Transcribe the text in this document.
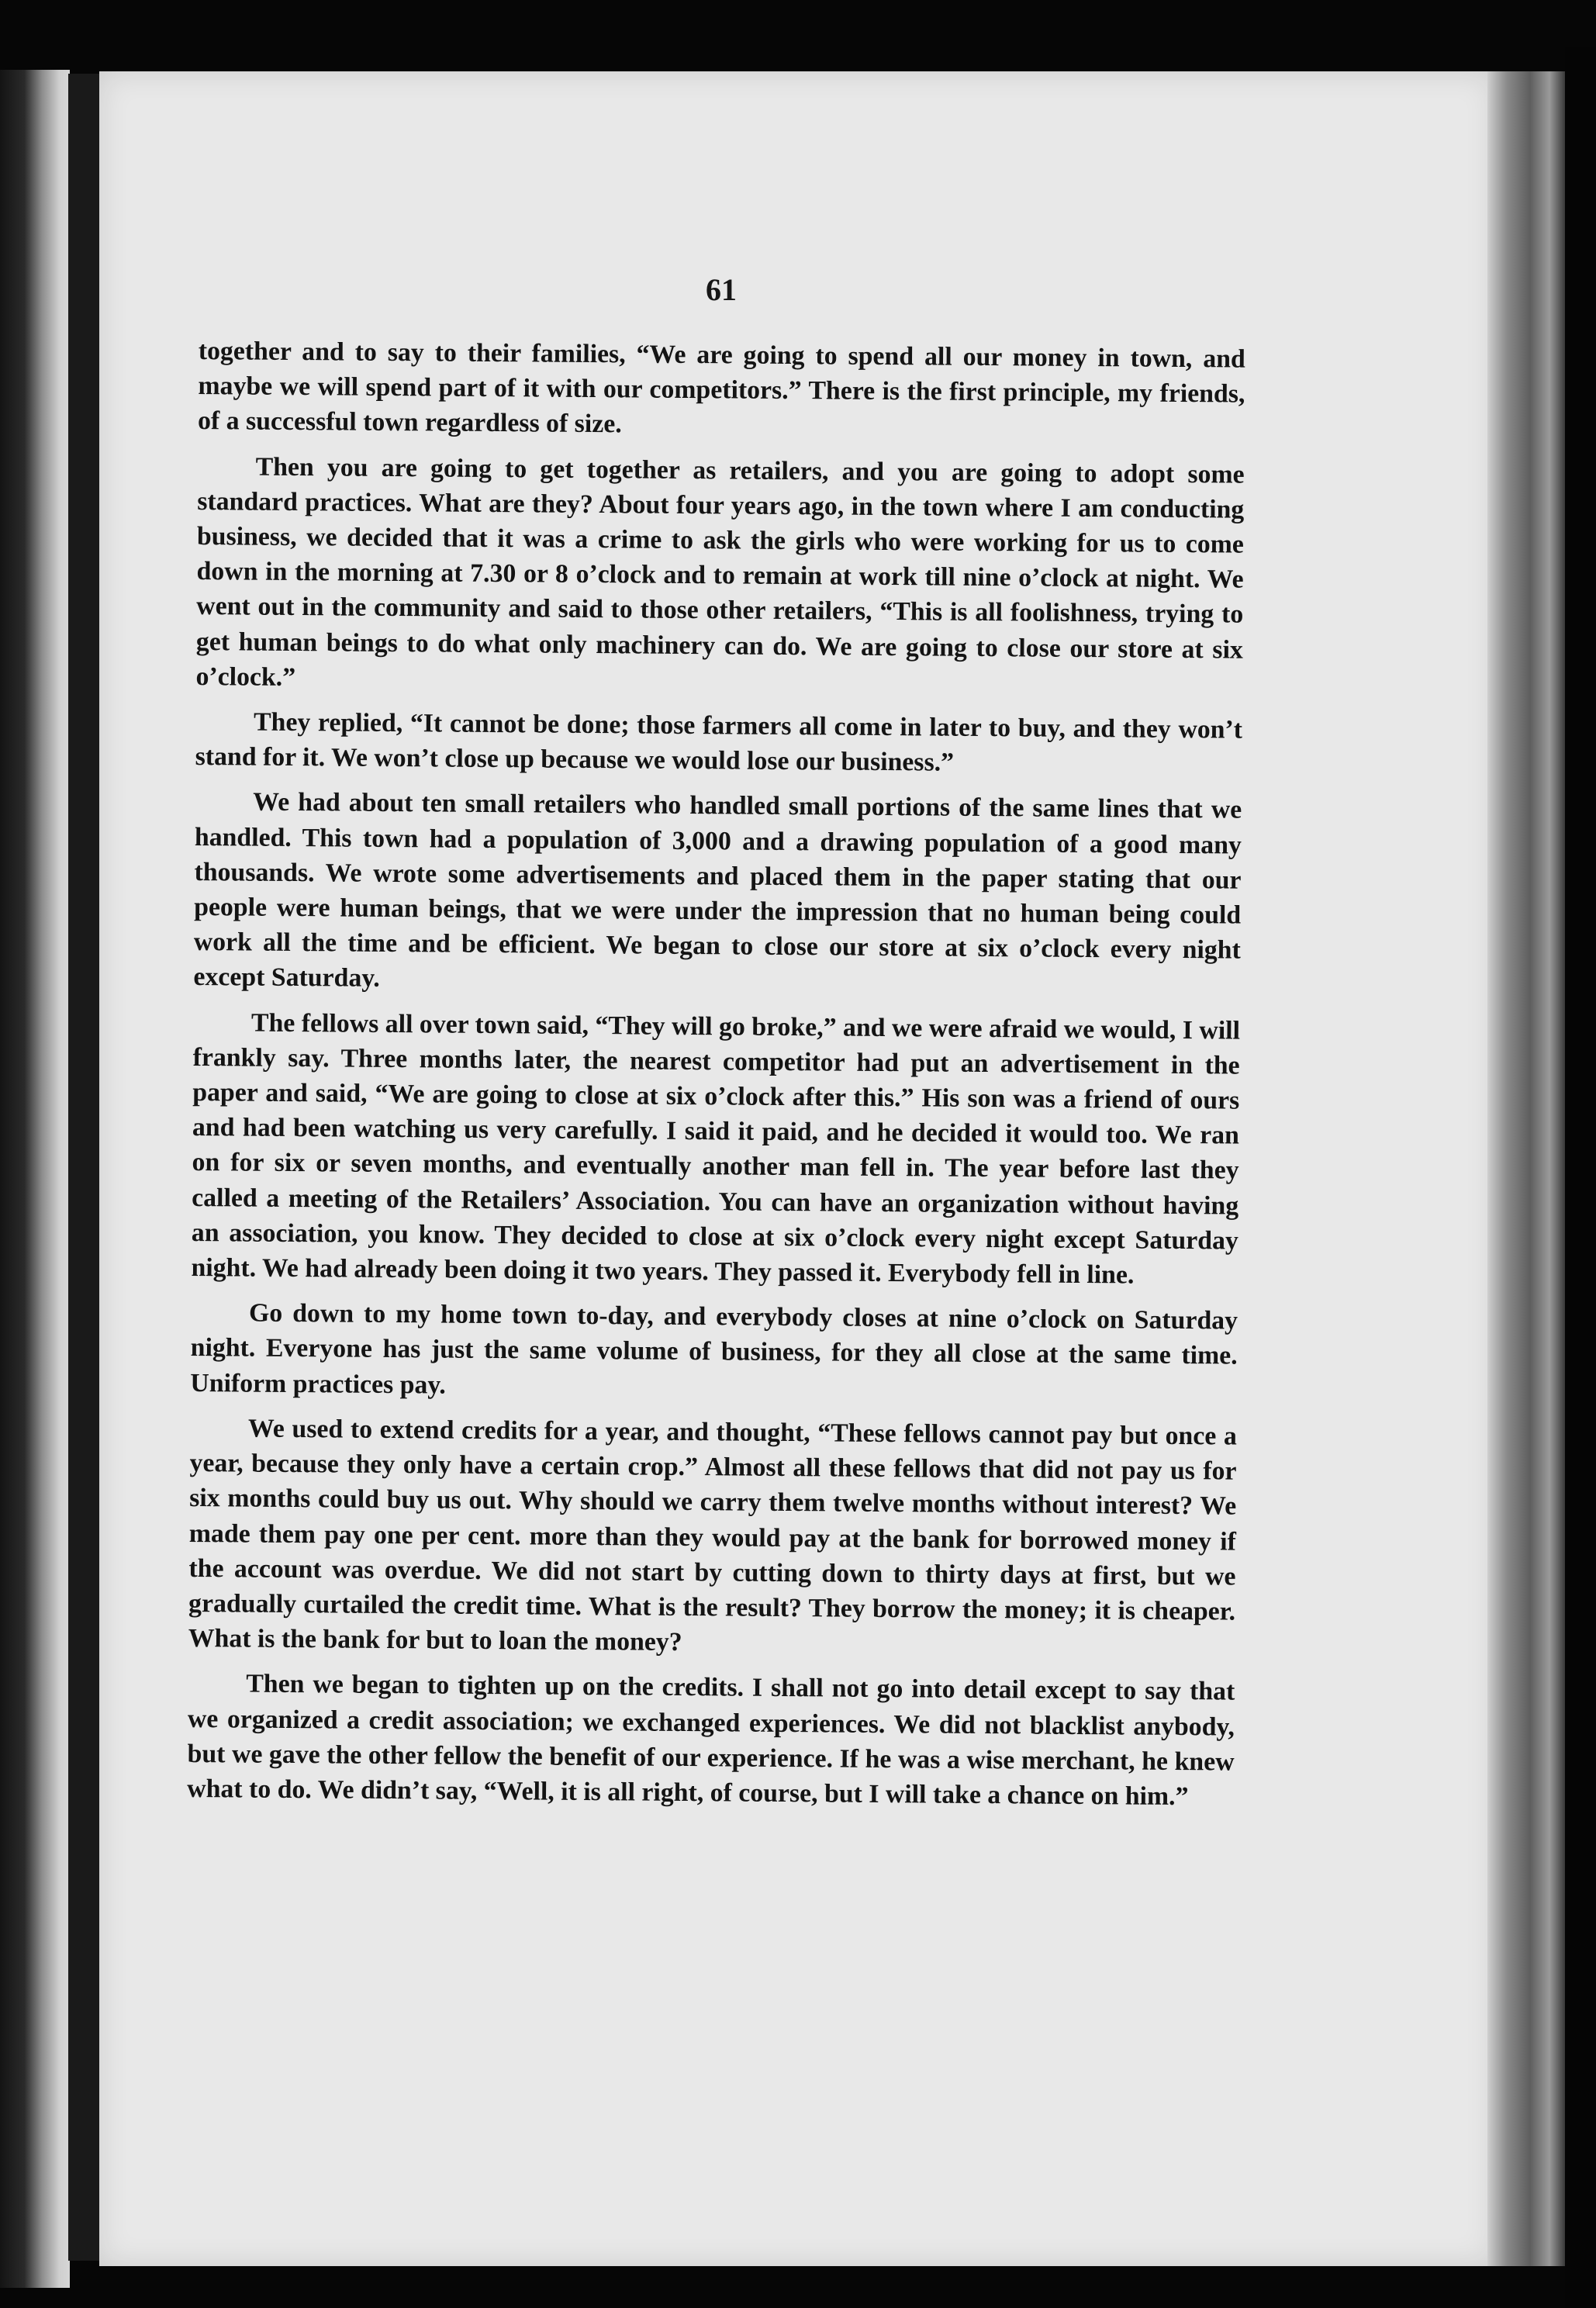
61

together and to say to their families, “We are going to spend all our money in town, and maybe we will spend part of it with our competitors.” There is the first principle, my friends, of a successful town regardless of size.

Then you are going to get together as retailers, and you are going to adopt some standard practices. What are they? About four years ago, in the town where I am conducting business, we decided that it was a crime to ask the girls who were working for us to come down in the morning at 7.30 or 8 o’clock and to remain at work till nine o’clock at night. We went out in the community and said to those other retailers, “This is all foolishness, trying to get human beings to do what only machinery can do. We are going to close our store at six o’clock.”

They replied, “It cannot be done; those farmers all come in later to buy, and they won’t stand for it. We won’t close up because we would lose our business.”

We had about ten small retailers who handled small portions of the same lines that we handled. This town had a population of 3,000 and a drawing population of a good many thousands. We wrote some advertisements and placed them in the paper stating that our people were human beings, that we were under the impression that no human being could work all the time and be efficient. We began to close our store at six o’clock every night except Saturday.

The fellows all over town said, “They will go broke,” and we were afraid we would, I will frankly say. Three months later, the nearest competitor had put an advertisement in the paper and said, “We are going to close at six o’clock after this.” His son was a friend of ours and had been watching us very carefully. I said it paid, and he decided it would too. We ran on for six or seven months, and eventually another man fell in. The year before last they called a meeting of the Retailers’ Association. You can have an organization without having an association, you know. They decided to close at six o’clock every night except Saturday night. We had already been doing it two years. They passed it. Everybody fell in line.

Go down to my home town to-day, and everybody closes at nine o’clock on Saturday night. Everyone has just the same volume of business, for they all close at the same time. Uniform practices pay.

We used to extend credits for a year, and thought, “These fellows cannot pay but once a year, because they only have a certain crop.” Almost all these fellows that did not pay us for six months could buy us out. Why should we carry them twelve months without interest? We made them pay one per cent. more than they would pay at the bank for borrowed money if the account was overdue. We did not start by cutting down to thirty days at first, but we gradually curtailed the credit time. What is the result? They borrow the money; it is cheaper. What is the bank for but to loan the money?

Then we began to tighten up on the credits. I shall not go into detail except to say that we organized a credit association; we exchanged experiences. We did not blacklist anybody, but we gave the other fellow the benefit of our experience. If he was a wise merchant, he knew what to do. We didn’t say, “Well, it is all right, of course, but I will take a chance on him.”
